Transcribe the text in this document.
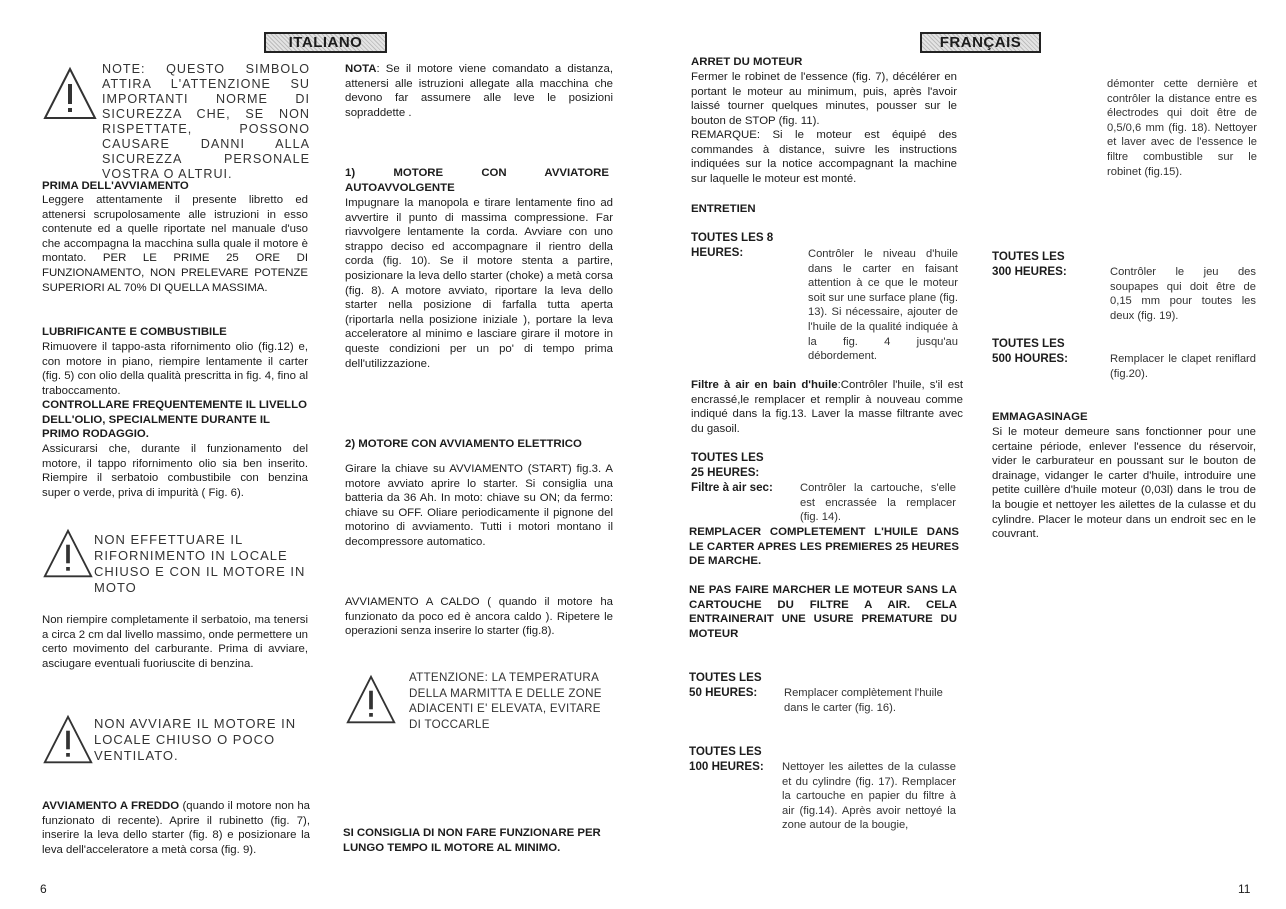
ITALIANO
NOTE: QUESTO SIMBOLO ATTIRA L'ATTENZIONE SU IMPORTANTI NORME DI SICUREZZA CHE, SE NON RISPETTATE, POSSONO CAUSARE DANNI ALLA SICUREZZA PERSONALE VOSTRA O ALTRUI.
PRIMA DELL'AVVIAMENTO
Leggere attentamente il presente libretto ed attenersi scrupolosamente alle istruzioni in esso contenute ed a quelle riportate nel manuale d'uso che accompagna la macchina sulla quale il motore è montato. PER LE PRIME 25 ORE DI FUNZIONAMENTO, NON PRELEVARE POTENZE SUPERIORI AL 70% DI QUELLA MASSIMA.
LUBRIFICANTE E COMBUSTIBILE
Rimuovere il tappo-asta rifornimento olio (fig.12) e, con motore in piano, riempire lentamente il carter (fig. 5) con olio della qualità prescritta in fig. 4, fino al traboccamento.
CONTROLLARE FREQUENTEMENTE IL LIVELLO DELL'OLIO, SPECIALMENTE DURANTE IL PRIMO RODAGGIO.
Assicurarsi che, durante il funzionamento del motore, il tappo rifornimento olio sia ben inserito. Riempire il serbatoio combustibile con benzina super o verde, priva di impurità ( Fig. 6).
NON EFFETTUARE IL RIFORNIMENTO IN LOCALE CHIUSO E CON IL MOTORE IN MOTO
Non riempire completamente il serbatoio, ma tenersi a circa 2 cm dal livello massimo, onde permettere un certo movimento del carburante. Prima di avviare, asciugare eventuali fuoriuscite di benzina.
NON AVVIARE IL MOTORE IN LOCALE CHIUSO O POCO VENTILATO.
AVVIAMENTO A FREDDO (quando il motore non ha funzionato di recente). Aprire il rubinetto (fig. 7), inserire la leva dello starter (fig. 8) e posizionare la leva dell'acceleratore a metà corsa (fig. 9).
6
NOTA: Se il motore viene comandato a distanza, attenersi alle istruzioni allegate alla macchina che devono far assumere alle leve le posizioni sopraddette .
1) MOTORE CON AVVIATORE AUTOAVVOLGENTE
Impugnare la manopola e tirare lentamente fino ad avvertire il punto di massima compressione. Far riavvolgere lentamente la corda. Avviare con uno strappo deciso ed accompagnare il rientro della corda (fig. 10). Se il motore stenta a partire, posizionare la leva dello starter (choke) a metà corsa (fig. 8). A motore avviato, riportare la leva dello starter nella posizione di farfalla tutta aperta (riportarla nella posizione iniziale ), portare la leva acceleratore al minimo e lasciare girare il motore in queste condizioni per un po' di tempo prima dell'utilizzazione.
2) MOTORE CON AVVIAMENTO ELETTRICO
Girare la chiave su AVVIAMENTO (START) fig.3. A motore avviato aprire lo starter. Si consiglia una batteria da 36 Ah. In moto: chiave su ON; da fermo: chiave su OFF. Oliare periodicamente il pignone del motorino di avviamento. Tutti i motori montano il decompressore automatico.
AVVIAMENTO A CALDO ( quando il motore ha funzionato da poco ed è ancora caldo ). Ripetere le operazioni senza inserire lo starter (fig.8).
ATTENZIONE: LA TEMPERATURA DELLA MARMITTA E DELLE ZONE ADIACENTI E' ELEVATA, EVITARE DI TOCCARLE
SI CONSIGLIA DI NON FARE FUNZIONARE PER LUNGO TEMPO IL MOTORE AL MINIMO.
FRANÇAIS
ARRET DU MOTEUR
Fermer le robinet de l'essence (fig. 7), décélérer en portant le moteur au minimum, puis, après l'avoir laissé tourner quelques minutes, pousser sur le bouton de STOP (fig. 11).
REMARQUE: Si le moteur est équipé des commandes à distance, suivre les instructions indiquées sur la notice accompagnant la machine sur laquelle le moteur est monté.
ENTRETIEN
TOUTES LES 8 HEURES:	Contrôler le niveau d'huile dans le carter en faisant attention à ce que le moteur soit sur une surface plane (fig. 13). Si nécessaire, ajouter de l'huile de la qualité indiquée à la fig. 4 jusqu'au débordement.
Filtre à air en bain d'huile:Contrôler l'huile, s'il est encrassé,le remplacer et remplir à nouveau comme indiqué dans la fig.13. Laver la masse filtrante avec du gasoil.
TOUTES LES 25 HEURES:
Filtre à air sec:	Contrôler la cartouche, s'elle est encrassée la remplacer (fig. 14).
REMPLACER COMPLETEMENT L'HUILE DANS LE CARTER APRES LES PREMIERES 25 HEURES DE MARCHE.
NE PAS FAIRE MARCHER LE MOTEUR SANS LA CARTOUCHE DU FILTRE A AIR. CELA ENTRAINERAIT UNE USURE PREMATURE DU MOTEUR
TOUTES LES 50 HEURES:	Remplacer complètement l'huile dans le carter (fig. 16).
TOUTES LES 100 HEURES:	Nettoyer les ailettes de la culasse et du cylindre (fig. 17). Remplacer la cartouche en papier du filtre à air (fig.14). Après avoir nettoyé la zone autour de la bougie,
démonter cette dernière et contrôler la distance entre es électrodes qui doit être de 0,5/0,6 mm (fig. 18). Nettoyer et laver avec de l'essence le filtre combustible sur le robinet (fig.15).
TOUTES LES 300 HEURES:	Contrôler le jeu des soupapes qui doit être de 0,15 mm pour toutes les deux (fig. 19).
TOUTES LES 500 HOURES:	Remplacer le clapet reniflard (fig.20).
EMMAGASINAGE
Si le moteur demeure sans fonctionner pour une certaine période, enlever l'essence du réservoir, vider le carburateur en poussant sur le bouton de drainage, vidanger le carter d'huile, introduire une petite cuillère d'huile moteur (0,03l) dans le trou de la bougie et nettoyer les ailettes de la culasse et du cylindre. Placer le moteur dans un endroit sec en le couvrant.
11
